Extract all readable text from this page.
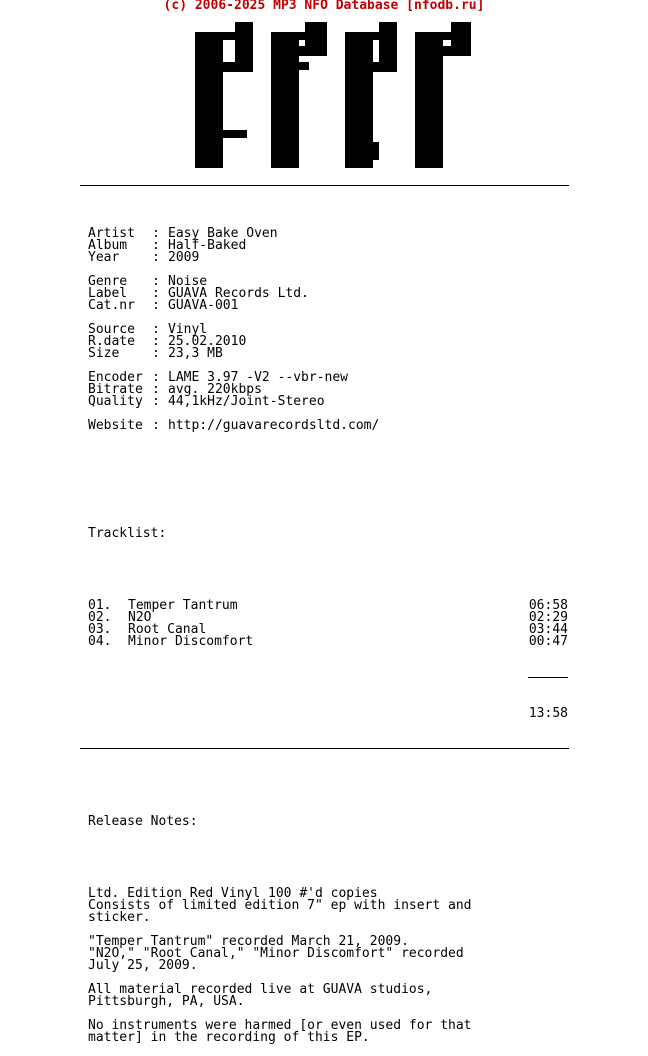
(c) 2006-2025 MP3 NFO Database [nfodb.ru]

Artist	: Easy Bake Oven
Album	: Half-Baked
Year	: 2009
Genre	: Noise
Label	: GUAVA Records Ltd.
Cat.nr	: GUAVA-001
Source	: Vinyl
R.date	: 25.02.2010
Size	: 23,3 MB
Encoder : LAME 3.97 -V2 --vbr-new
Bitrate : avg. 220kbps
Quality : 44,1kHz/Joint-Stereo
Website : http://guavarecordsltd.com/

Tracklist:

01.	Temper Tantrum	06:58
02.	N2O	02:29
03.	Root Canal	03:44
04.	Minor Discomfort	00:47

13:58

Release Notes:

Ltd. Edition Red Vinyl 100 #'d copies
Consists of limited edition 7" ep with insert and
sticker.
"Temper Tantrum" recorded March 21, 2009.
"N2O," "Root Canal," "Minor Discomfort" recorded
July 25, 2009.
All material recorded live at GUAVA studios,
Pittsburgh, PA, USA.
No instruments were harmed [or even used for that
matter] in the recording of this EP.
